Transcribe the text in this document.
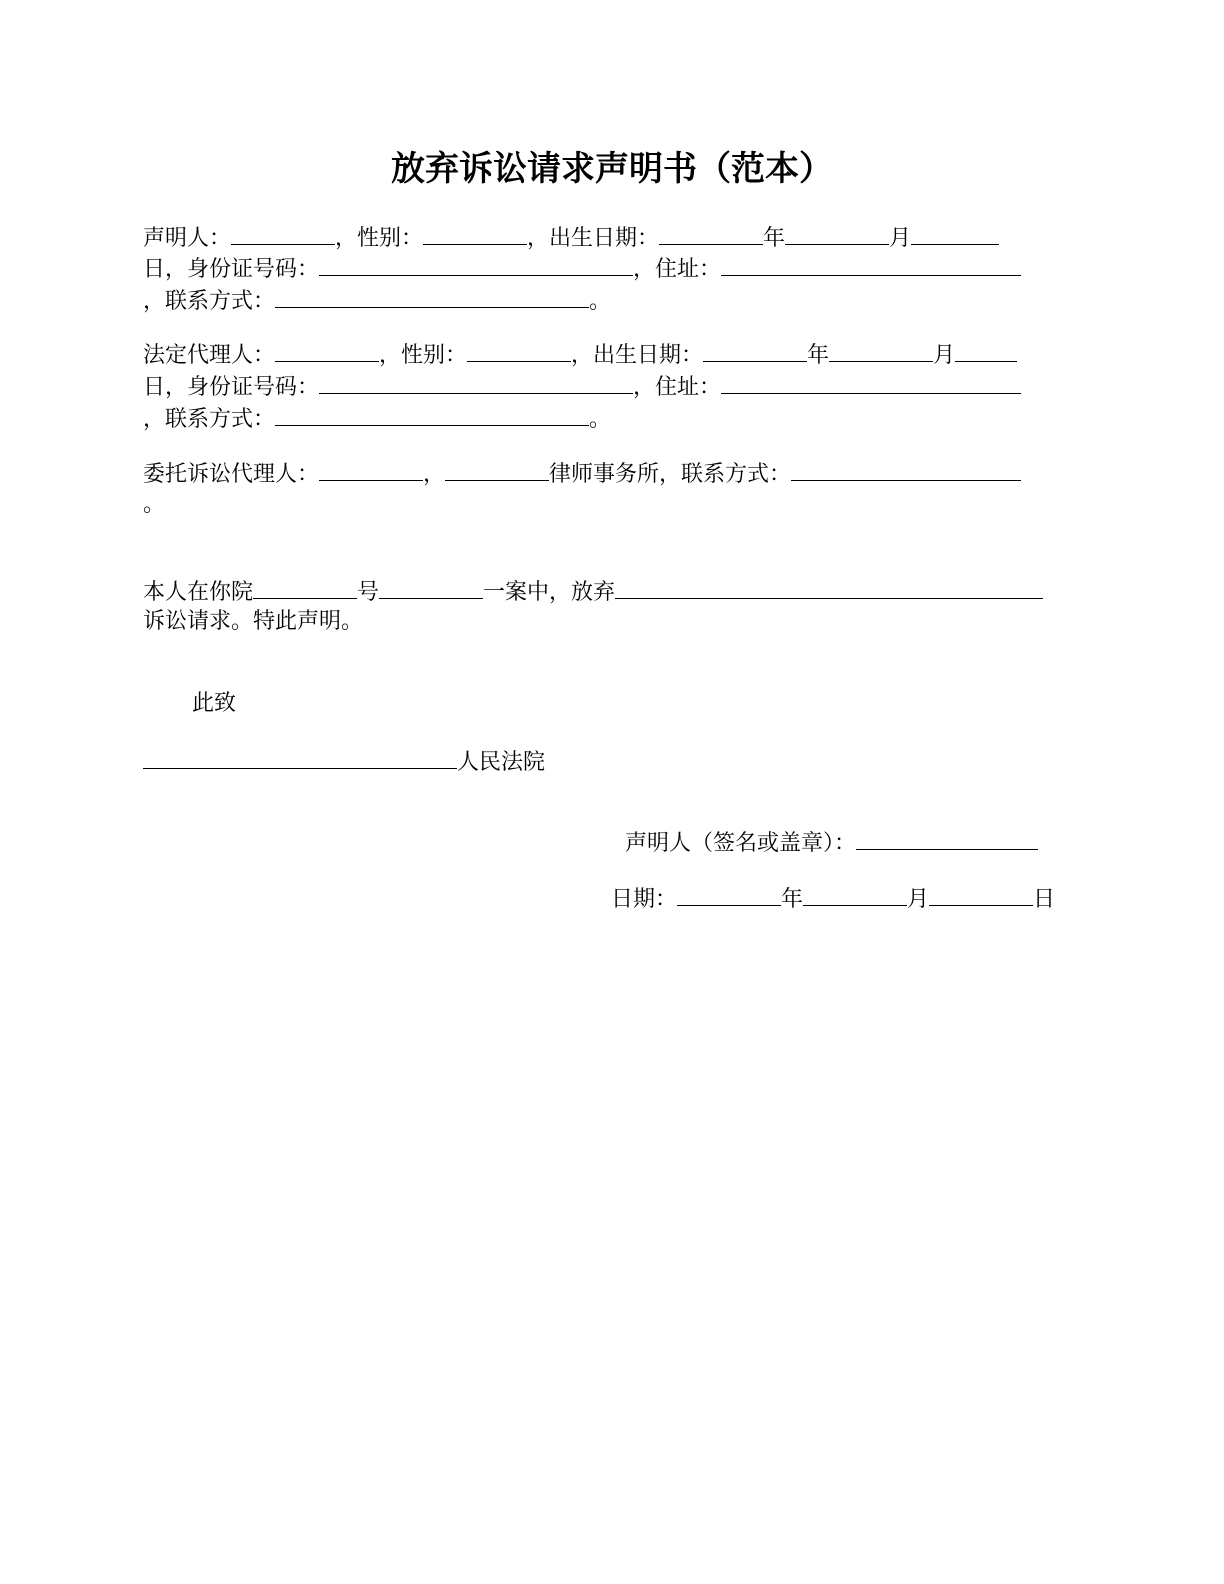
放弃诉讼请求声明书（范本）
声明人：	，性别：	，出生日期：	年	月
日，身份证号码：	，住址：
，联系方式：	。
法定代理人：	，性别：	，出生日期：	年	月
日，身份证号码：	，住址：
，联系方式：	。
委托诉讼代理人：	，	律师事务所，联系方式：
。
本人在你院	号	一案中，放弃
诉讼请求。特此声明。
此致
人民法院
声明人（签名或盖章）：
日期：	年	月	日
